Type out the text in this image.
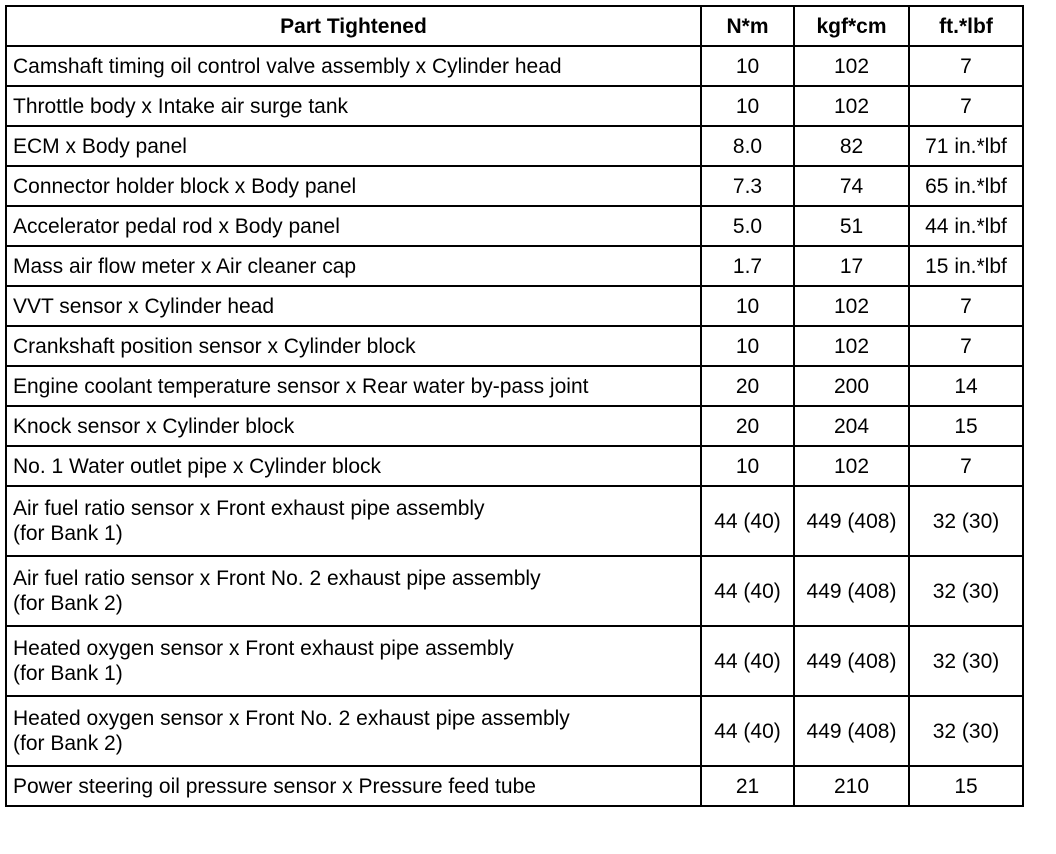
Part Tightened	N*m	kgf*cm	ft.*lbf

Camshaft timing oil control valve assembly x Cylinder head	10	102	7

Throttle body x Intake air surge tank	10	102	7

ECM x Body panel	8.0	82	71 in.*lbf

Connector holder block x Body panel	7.3	74	65 in.*lbf

Accelerator pedal rod x Body panel	5.0	51	44 in.*lbf

Mass air flow meter x Air cleaner cap	1.7	17	15 in.*lbf

VVT sensor x Cylinder head	10	102	7

Crankshaft position sensor x Cylinder block	10	102	7

Engine coolant temperature sensor x Rear water by-pass joint	20	200	14

Knock sensor x Cylinder block	20	204	15

No. 1 Water outlet pipe x Cylinder block	10	102	7

Air fuel ratio sensor x Front exhaust pipe assembly
(for Bank 1)	44 (40)	449 (408)	32 (30)

Air fuel ratio sensor x Front No. 2 exhaust pipe assembly
(for Bank 2)	44 (40)	449 (408)	32 (30)

Heated oxygen sensor x Front exhaust pipe assembly
(for Bank 1)	44 (40)	449 (408)	32 (30)

Heated oxygen sensor x Front No. 2 exhaust pipe assembly
(for Bank 2)	44 (40)	449 (408)	32 (30)

Power steering oil pressure sensor x Pressure feed tube	21	210	15
